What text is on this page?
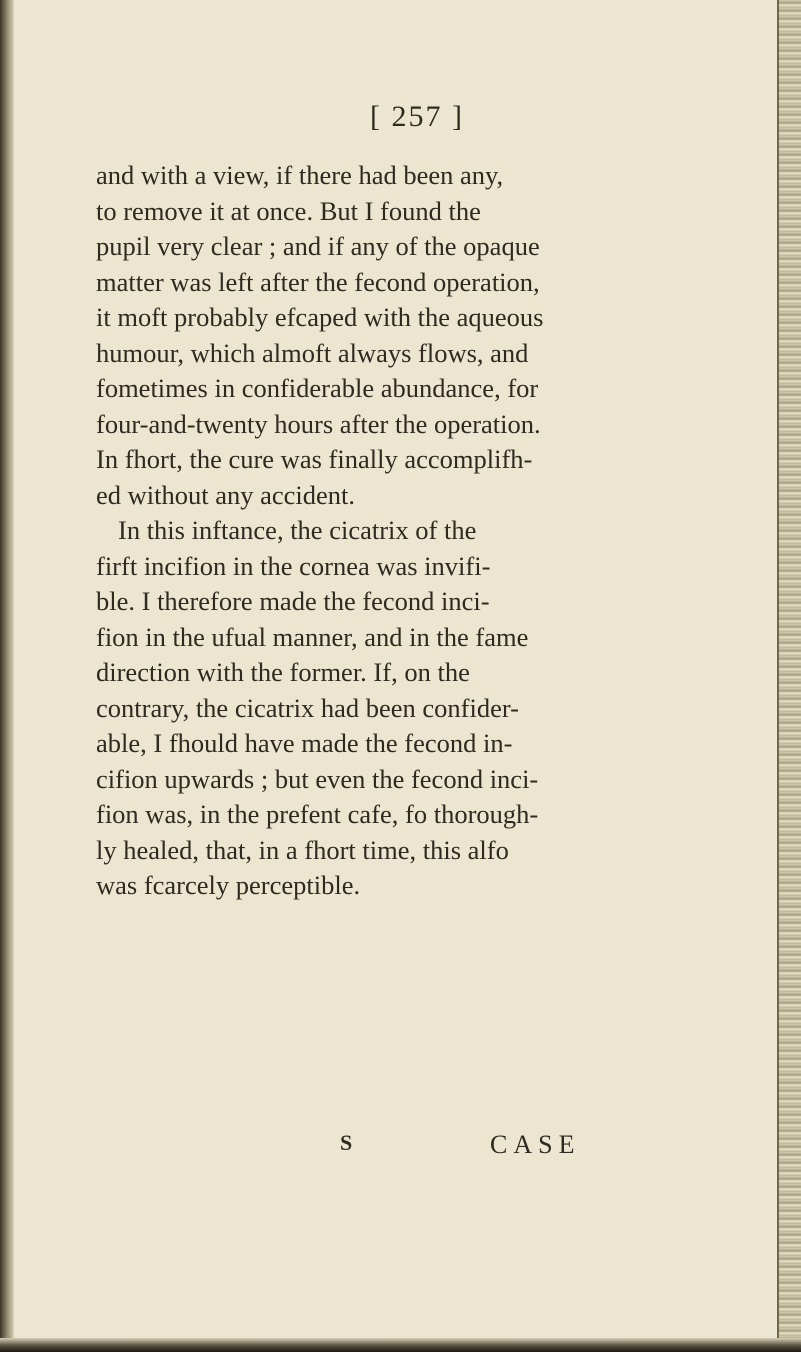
[ 257 ]
and with a view, if there had been any,
to remove it at once. But I found the
pupil very clear ; and if any of the opaque
matter was left after the fecond operation,
it moft probably efcaped with the aqueous
humour, which almoft always flows, and
fometimes in confiderable abundance, for
four-and-twenty hours after the operation.
In fhort, the cure was finally accomplifh-
ed without any accident.
In this inftance, the cicatrix of the
firft incifion in the cornea was invifi-
ble. I therefore made the fecond inci-
fion in the ufual manner, and in the fame
direction with the former. If, on the
contrary, the cicatrix had been confider-
able, I fhould have made the fecond in-
cifion upwards ; but even the fecond inci-
fion was, in the prefent cafe, fo thorough-
ly healed, that, in a fhort time, this alfo
was fcarcely perceptible.
S	CASE
